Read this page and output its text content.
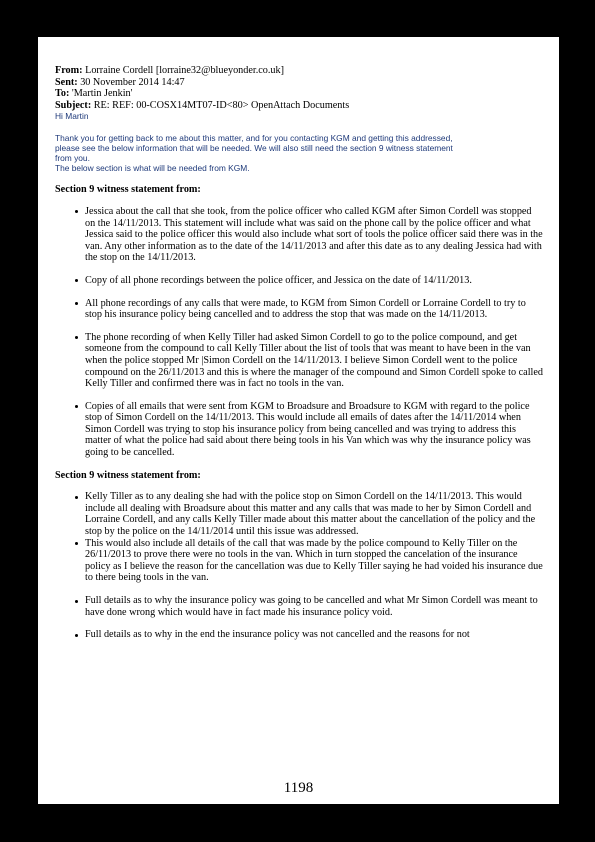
From: Lorraine Cordell [lorraine32@blueyonder.co.uk]

Sent: 30 November 2014 14:47

To: 'Martin Jenkin'

Subject: RE: REF: 00-COSX14MT07-ID<80> OpenAttach Documents

Hi Martin

Thank you for getting back to me about this matter, and for you contacting KGM and getting this addressed,

please see the below information that will be needed. We will also still need the section 9 witness statement

from you.

The below section is what will be needed from KGM.

Section 9 witness statement from:

Jessica about the call that she took, from the police officer who called KGM after Simon Cordell was stopped on the 14/11/2013. This statement will include what was said on the phone call by the police officer and what Jessica said to the police officer this would also include what sort of tools the police officer said there was in the van. Any other information as to the date of the 14/11/2013 and after this date as to any dealing Jessica had with the stop on the 14/11/2013.
Copy of all phone recordings between the police officer, and Jessica on the date of 14/11/2013.
All phone recordings of any calls that were made, to KGM from Simon Cordell or Lorraine Cordell to try to stop his insurance policy being cancelled and to address the stop that was made on the 14/11/2013.
The phone recording of when Kelly Tiller had asked Simon Cordell to go to the police compound, and get someone from the compound to call Kelly Tiller about the list of tools that was meant to have been in the van when the police stopped Mr |Simon Cordell on the 14/11/2013. I believe Simon Cordell went to the police compound on the 26/11/2013 and this is where the manager of the compound and Simon Cordell spoke to called Kelly Tiller and confirmed there was in fact no tools in the van.
Copies of all emails that were sent from KGM to Broadsure and Broadsure to KGM with regard to the police stop of Simon Cordell on the 14/11/2013. This would include all emails of dates after the 14/11/2014 when Simon Cordell was trying to stop his insurance policy from being cancelled and was trying to address this matter of what the police had said about there being tools in his Van which was why the insurance policy was going to be cancelled.

Section 9 witness statement from:

Kelly Tiller as to any dealing she had with the police stop on Simon Cordell on the 14/11/2013. This would include all dealing with Broadsure about this matter and any calls that was made to her by Simon Cordell and Lorraine Cordell, and any calls Kelly Tiller made about this matter about the cancellation of the policy and the stop by the police on the 14/11/2014 until this issue was addressed.
This would also include all details of the call that was made by the police compound to Kelly Tiller on the 26/11/2013 to prove there were no tools in the van. Which in turn stopped the cancelation of the insurance policy as I believe the reason for the cancellation was due to Kelly Tiller saying he had voided his insurance due to there being tools in the van.
Full details as to why the insurance policy was going to be cancelled and what Mr Simon Cordell was meant to have done wrong which would have in fact made his insurance policy void.
Full details as to why in the end the insurance policy was not cancelled and the reasons for not
1198
